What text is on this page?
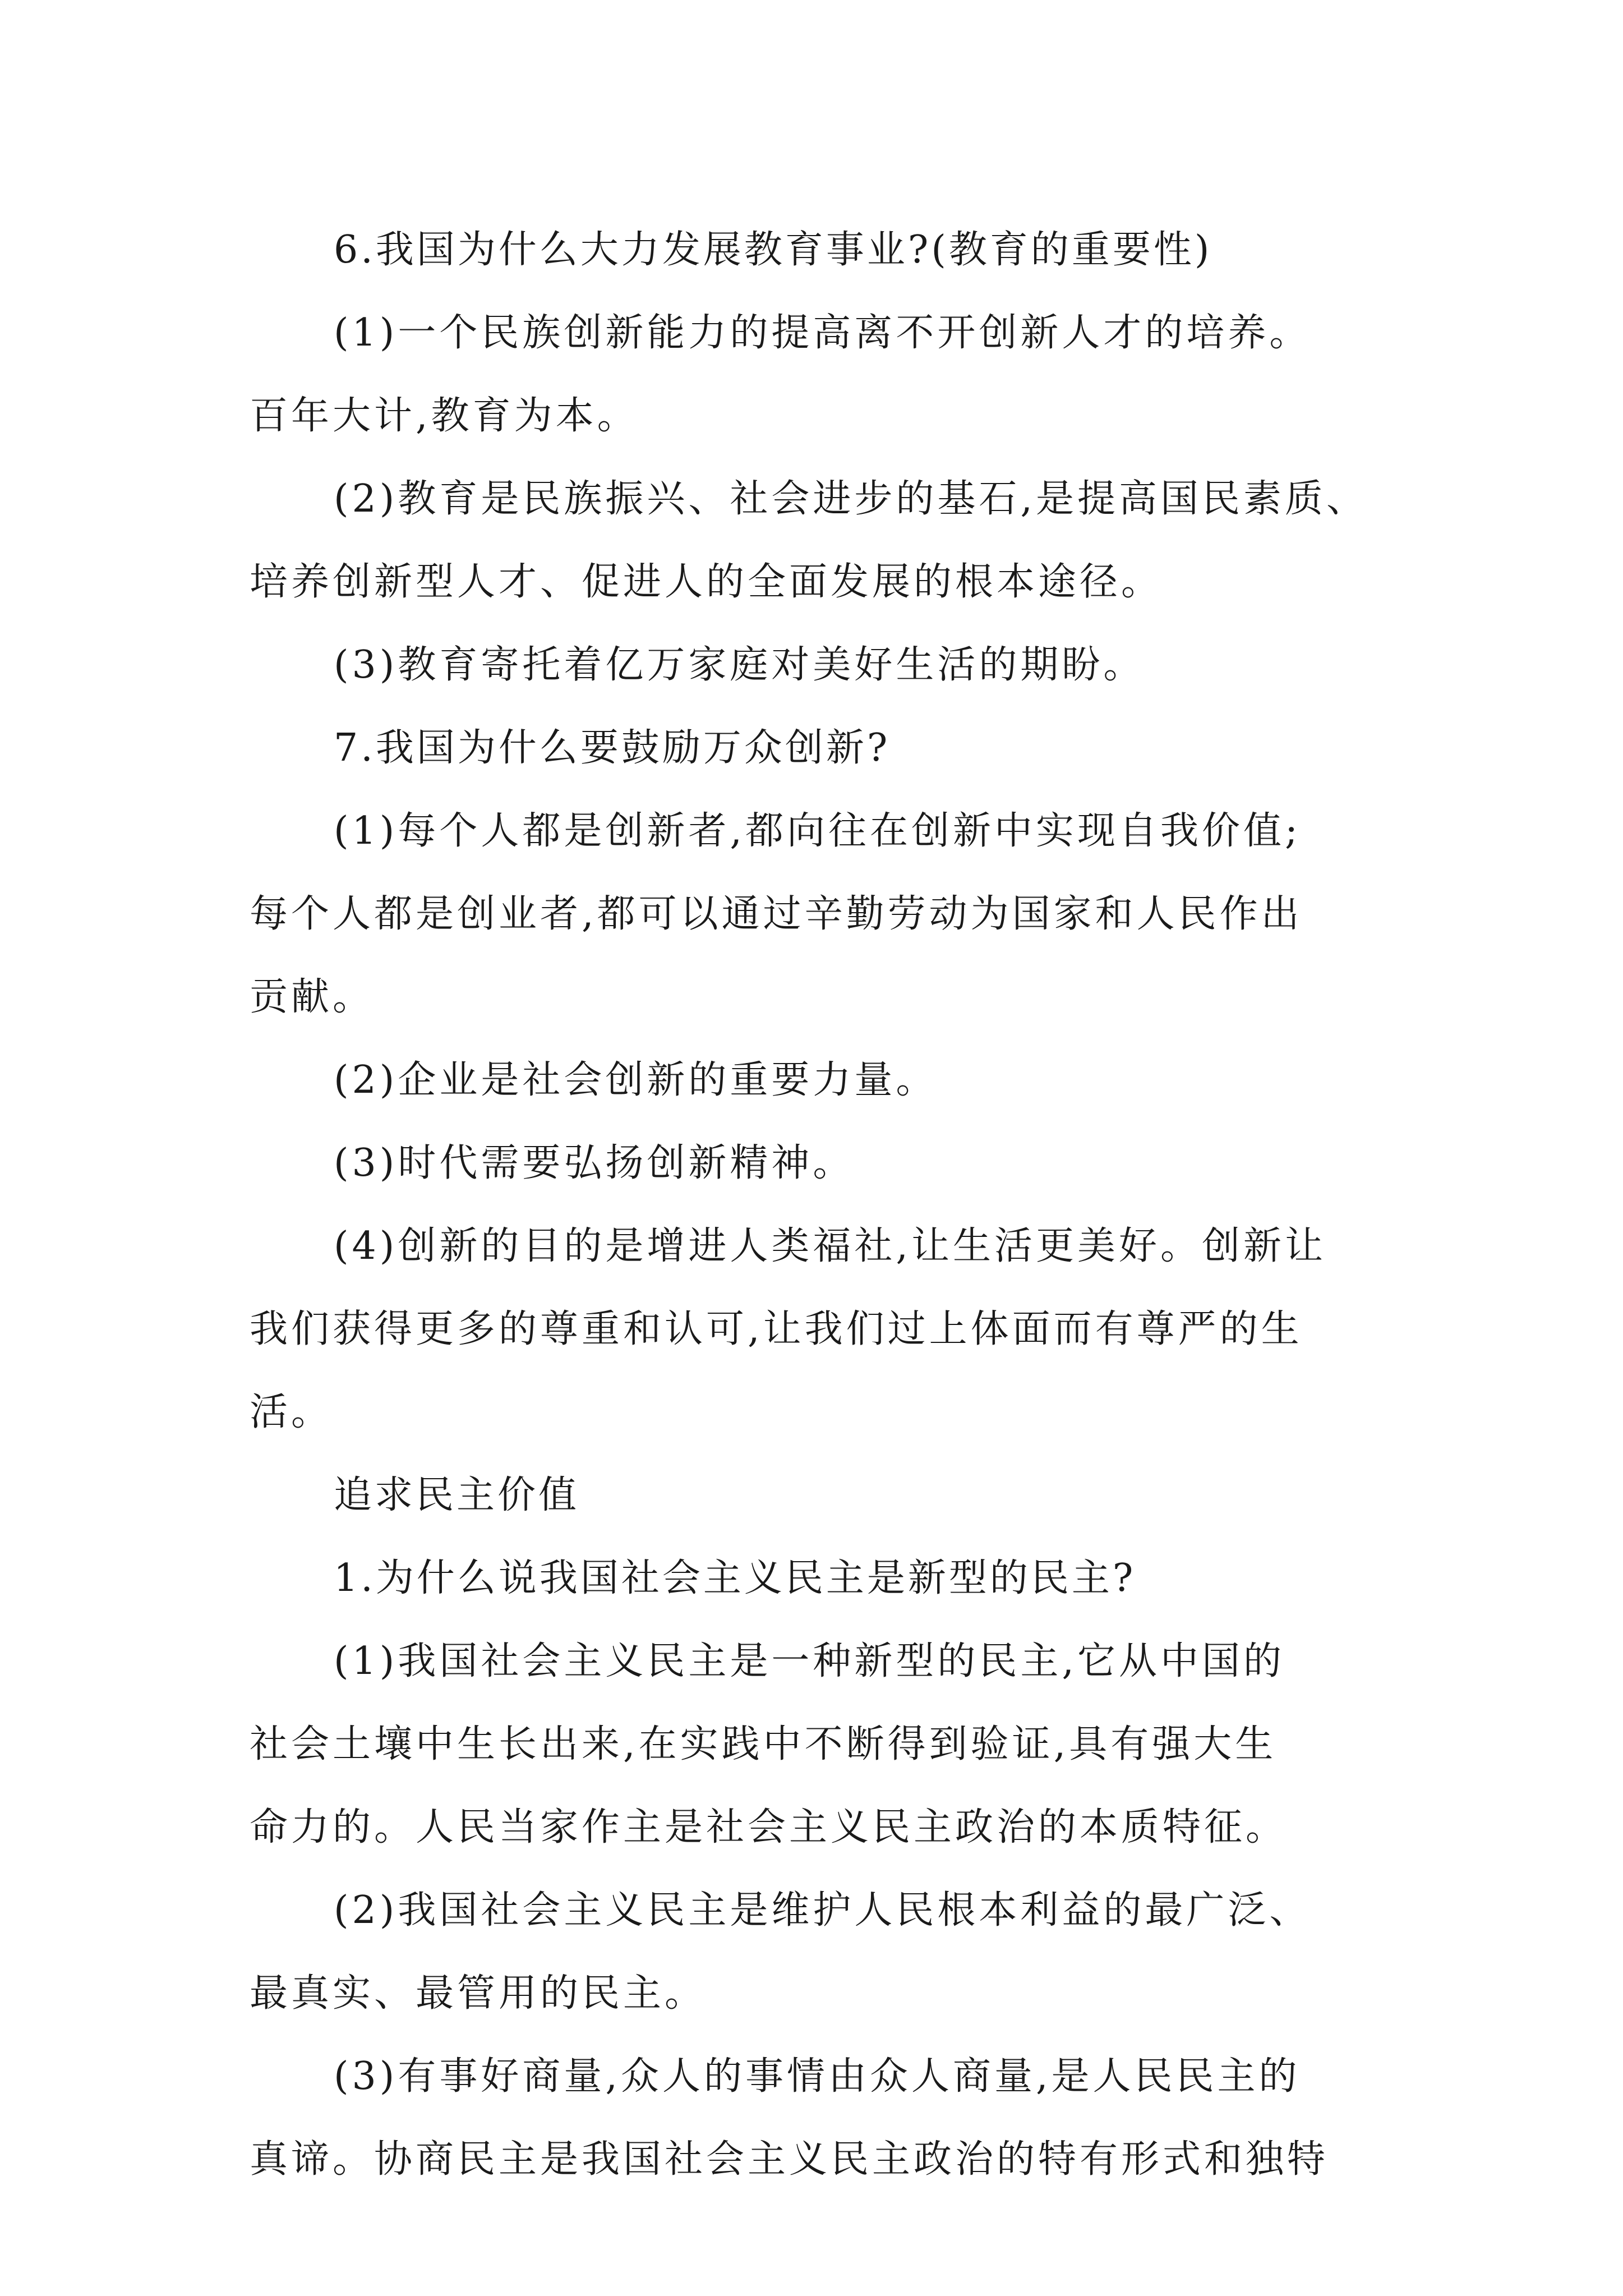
6.我国为什么大力发展教育事业?(教育的重要性)
(1)一个民族创新能力的提高离不开创新人才的培养。
百年大计,教育为本。
(2)教育是民族振兴、社会进步的基石,是提高国民素质、
培养创新型人才、促进人的全面发展的根本途径。
(3)教育寄托着亿万家庭对美好生活的期盼。
7.我国为什么要鼓励万众创新?
(1)每个人都是创新者,都向往在创新中实现自我价值;
每个人都是创业者,都可以通过辛勤劳动为国家和人民作出
贡献。
(2)企业是社会创新的重要力量。
(3)时代需要弘扬创新精神。
(4)创新的目的是增进人类福社,让生活更美好。创新让
我们获得更多的尊重和认可,让我们过上体面而有尊严的生
活。
追求民主价值
1.为什么说我国社会主义民主是新型的民主?
(1)我国社会主义民主是一种新型的民主,它从中国的
社会土壤中生长出来,在实践中不断得到验证,具有强大生
命力的。人民当家作主是社会主义民主政治的本质特征。
(2)我国社会主义民主是维护人民根本利益的最广泛、
最真实、最管用的民主。
(3)有事好商量,众人的事情由众人商量,是人民民主的
真谛。协商民主是我国社会主义民主政治的特有形式和独特
